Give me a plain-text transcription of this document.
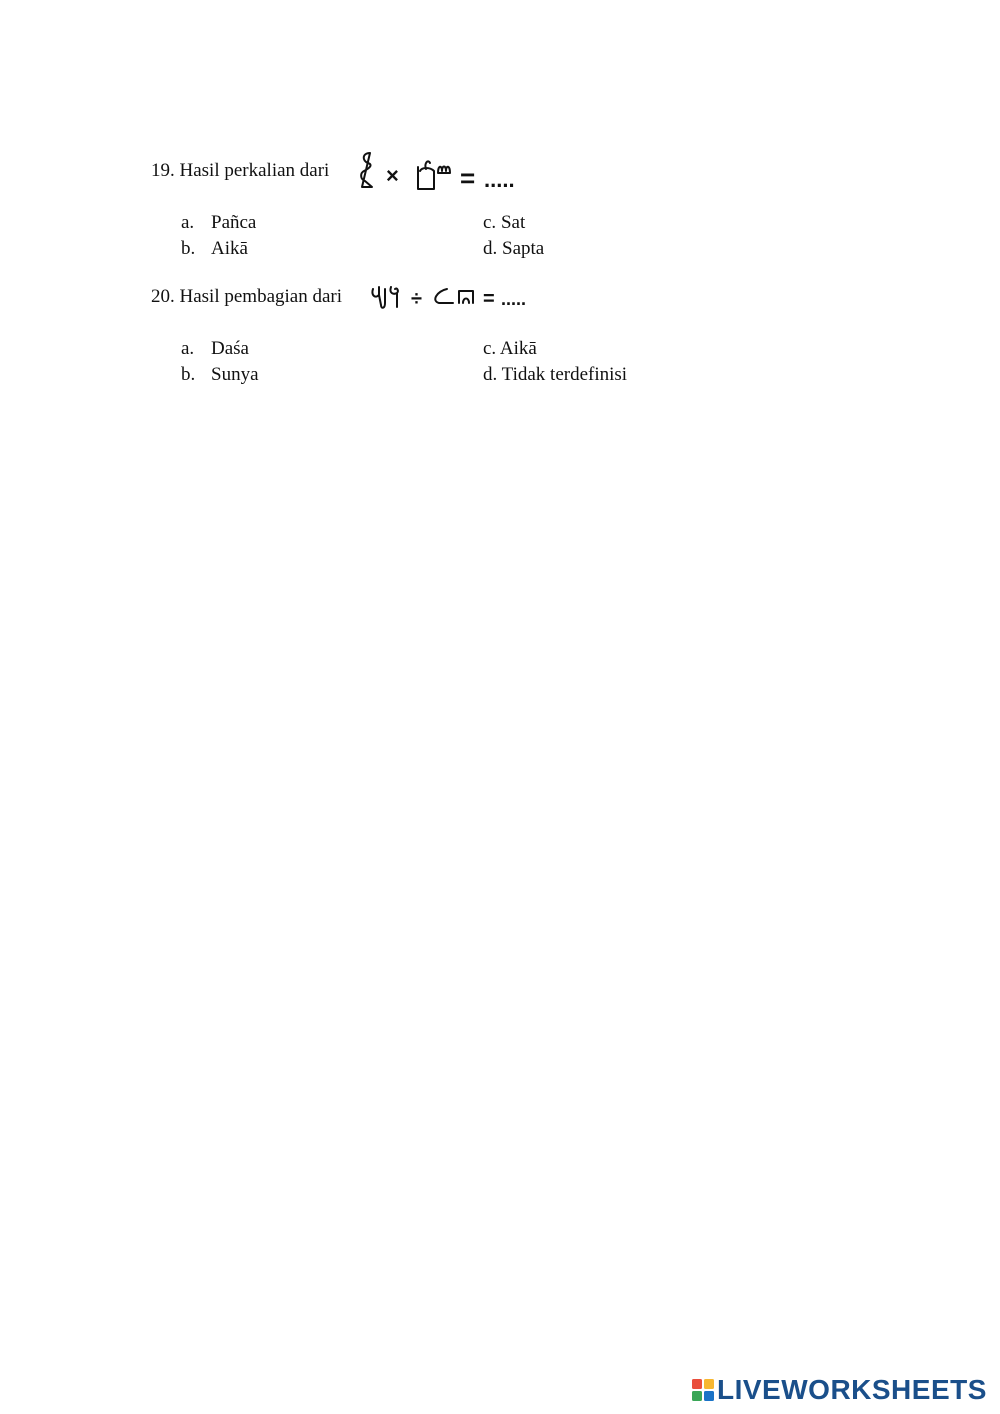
19. Hasil perkalian dari	× = .....
a. Pañca
b. Aikā
c. Sat
d. Sapta
20. Hasil pembagian dari	÷	= .....
a. Daśa
b. Sunya
c. Aikā
d. Tidak terdefinisi
LIVEWORKSHEETS
